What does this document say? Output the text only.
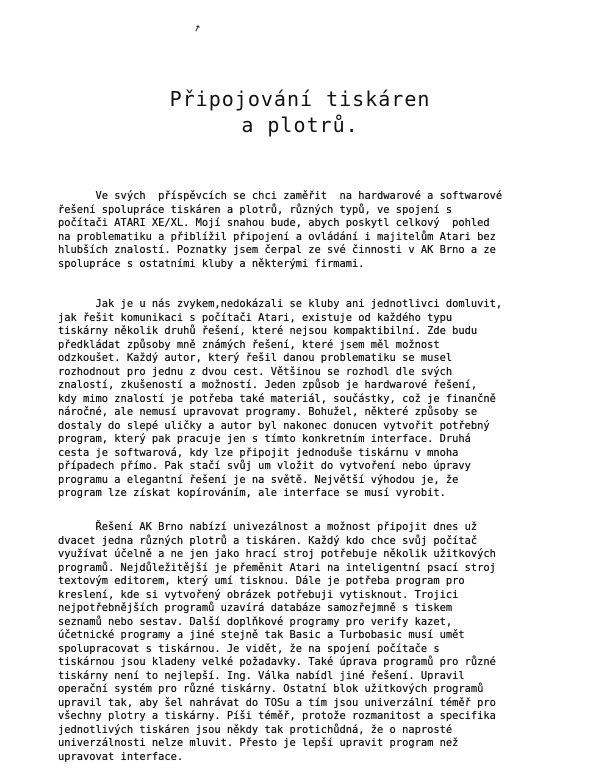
↗
Připojování tiskáren
a plotrů.
Ve svých  příspěvcích se chci zaměřit  na hardwarové a softwarové
řešení spolupráce tiskáren a plotrů, různých typů, ve spojení s
počítači ATARI XE/XL. Mojí snahou bude, abych poskytl celkový  pohled
na problematiku a přiblížil připojení a ovládání i majitelům Atari bez
hlubších znalostí. Poznatky jsem čerpal ze své činnosti v AK Brno a ze
spolupráce s ostatními kluby a některými firmami.
Jak je u nás zvykem,nedokázali se kluby ani jednotlivci domluvit,
jak řešit komunikaci s počítači Atari, existuje od každého typu
tiskárny několik druhů řešení, které nejsou kompaktibilní. Zde budu
předkládat způsoby mně známých řešení, které jsem měl možnost
odzkoušet. Každý autor, který řešil danou problematiku se musel
rozhodnout pro jednu z dvou cest. Většinou se rozhodl dle svých
znalostí, zkušeností a možností. Jeden způsob je hardwarové řešení,
kdy mimo znalostí je potřeba také materiál, součástky, což je finančně
náročné, ale nemusí upravovat programy. Bohužel, některé způsoby se
dostaly do slepé uličky a autor byl nakonec donucen vytvořit potřebný
program, který pak pracuje jen s tímto konkretním interface. Druhá
cesta je softwarová, kdy lze připojit jednoduše tiskárnu v mnoha
případech přímo. Pak stačí svůj um vložit do vytvoření nebo úpravy
programu a elegantní řešení je na světě. Největší výhodou je, že
program lze získat kopírováním, ale interface se musí vyrobit.
Řešení AK Brno nabízí univezálnost a možnost připojit dnes už
dvacet jedna různých plotrů a tiskáren. Každý kdo chce svůj počítač
využívat účelně a ne jen jako hrací stroj potřebuje několik užitkových
programů. Nejdůležitější je přeměnit Atari na inteligentní psací stroj
textovým editorem, který umí tisknou. Dále je potřeba program pro
kreslení, kde si vytvořený obrázek potřebuji vytisknout. Trojici
nejpotřebnějších programů uzavírá databáze samozřejmně s tiskem
seznamů nebo sestav. Další doplňkové programy pro verify kazet,
účetnické programy a jiné stejně tak Basic a Turbobasic musí umět
spolupracovat s tiskárnou. Je vidět, že na spojení počítače s
tiskárnou jsou kladeny velké požadavky. Také úprava programů pro různé
tiskárny není to nejlepší. Ing. Válka nabídl jiné řešení. Upravil
operační systém pro různé tiskárny. Ostatní blok užitkových programů
upravil tak, aby šel nahrávat do TOSu a tím jsou univerzální téměř pro
všechny plotry a tiskárny. Píši téměř, protože rozmanitost a specifika
jednotlivých tiskáren jsou někdy tak protichůdná, že o naprosté
univerzálnosti nelze mluvit. Přesto je lepší upravit program než
upravovat interface.
